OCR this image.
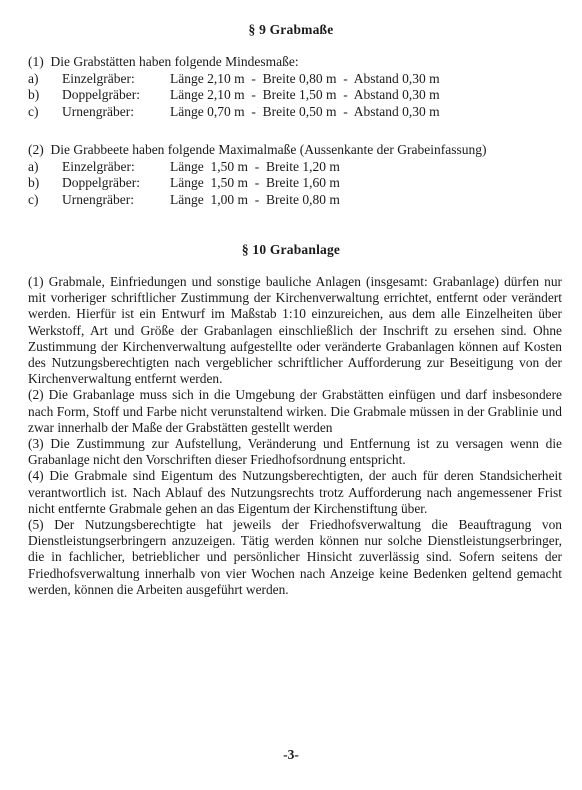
§ 9 Grabmaße
(1)  Die Grabstätten haben folgende Mindesmaße:
a)	Einzelgräber:	Länge 2,10 m  -  Breite 0,80 m  -  Abstand 0,30 m
b)	Doppelgräber:	Länge 2,10 m  -  Breite 1,50 m  -  Abstand 0,30 m
c)	Urnengräber:	Länge 0,70 m  -  Breite 0,50 m  -  Abstand 0,30 m
(2)  Die Grabbeete haben folgende Maximalmaße (Aussenkante der Grabeinfassung)
a)	Einzelgräber:	Länge  1,50 m  -  Breite 1,20 m
b)	Doppelgräber:	Länge  1,50 m  -  Breite 1,60 m
c)	Urnengräber:	Länge  1,00 m  -  Breite 0,80 m
§ 10 Grabanlage

(1) Grabmale, Einfriedungen und sonstige bauliche Anlagen (insgesamt: Grabanlage) dürfen nur mit vorheriger schriftlicher Zustimmung der Kirchenverwaltung errichtet, entfernt oder verändert werden. Hierfür ist ein Entwurf im Maßstab 1:10 einzureichen, aus dem alle Einzelheiten über Werkstoff, Art und Größe der Grabanlagen einschließlich der Inschrift zu ersehen sind. Ohne Zustimmung der Kirchenverwaltung aufgestellte oder veränderte Grabanlagen können auf Kosten des Nutzungsberechtigten nach vergeblicher schriftlicher Aufforderung zur Beseitigung von der Kirchenverwaltung entfernt werden.

(2) Die Grabanlage muss sich in die Umgebung der Grabstätten einfügen und darf insbesondere nach Form, Stoff und Farbe nicht verunstaltend wirken. Die Grabmale müssen in der Grablinie und zwar innerhalb der Maße der Grabstätten gestellt werden

(3) Die Zustimmung zur Aufstellung, Veränderung und Entfernung ist zu versagen wenn die Grabanlage nicht den Vorschriften dieser Friedhofsordnung entspricht.

(4) Die Grabmale sind Eigentum des Nutzungsberechtigten, der auch für deren Standsicherheit verantwortlich ist. Nach Ablauf des Nutzungsrechts trotz Aufforderung nach angemessener Frist nicht entfernte Grabmale gehen an das Eigentum der Kirchenstiftung über.

(5) Der Nutzungsberechtigte hat jeweils der Friedhofsverwaltung die Beauftragung von Dienstleistungserbringern anzuzeigen. Tätig werden können nur solche Dienstleistungserbringer, die in fachlicher, betrieblicher und persönlicher Hinsicht zuverlässig sind. Sofern seitens der Friedhofsverwaltung innerhalb von vier Wochen nach Anzeige keine Bedenken geltend gemacht werden, können die Arbeiten ausgeführt werden.

-3-
